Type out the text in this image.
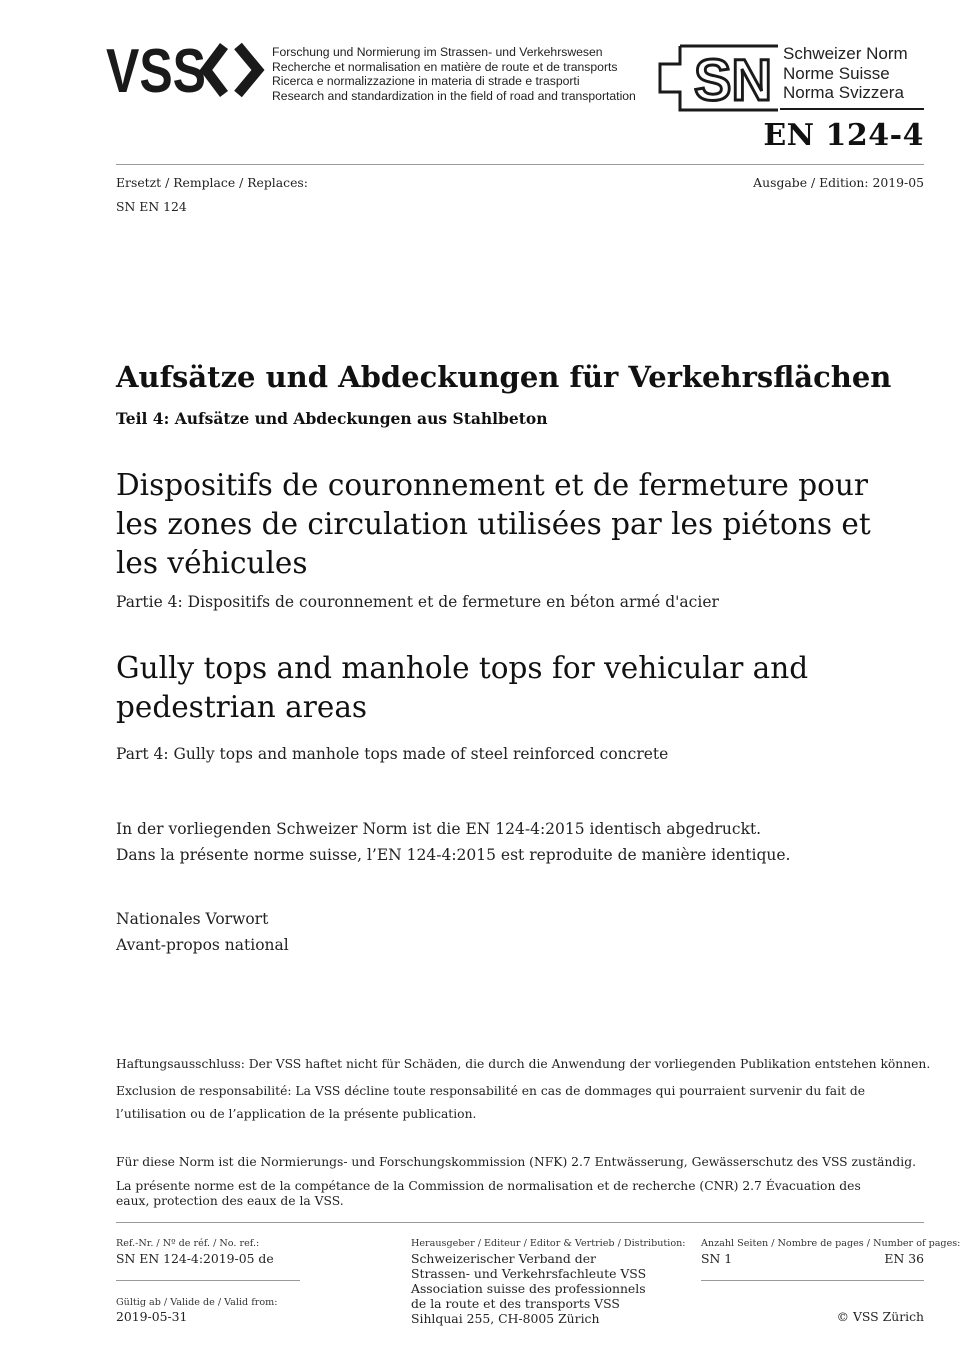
VSS	Forschung und Normierung im Strassen- und Verkehrswesen
Recherche et normalisation en matière de route et de transports
Ricerca e normalizzazione in materia di strade e trasporti
Research and standardization in the field of road and transportation SN Schweizer Norm
Norme Suisse
Norma Svizzera
EN 124-4
Ersetzt / Remplace / Replaces:
SN EN 124
Ausgabe / Edition: 2019-05
Aufsätze und Abdeckungen für Verkehrsflächen
Teil 4: Aufsätze und Abdeckungen aus Stahlbeton
Dispositifs de couronnement et de fermeture pour les zones de circulation utilisées par les piétons et les véhicules
Partie 4: Dispositifs de couronnement et de fermeture en béton armé d'acier
Gully tops and manhole tops for vehicular and pedestrian areas
Part 4: Gully tops and manhole tops made of steel reinforced concrete
In der vorliegenden Schweizer Norm ist die EN 124-4:2015 identisch abgedruckt.
Dans la présente norme suisse, l’EN 124-4:2015 est reproduite de manière identique.
Nationales Vorwort
Avant-propos national
Haftungsausschluss: Der VSS haftet nicht für Schäden, die durch die Anwendung der vorliegenden Publikation entstehen können.
Exclusion de responsabilité: La VSS décline toute responsabilité en cas de dommages qui pourraient survenir du fait de l’utilisation ou de l’application de la présente publication.
Für diese Norm ist die Normierungs- und Forschungskommission (NFK) 2.7 Entwässerung, Gewässerschutz des VSS zuständig.
La présente norme est de la compétance de la Commission de normalisation et de recherche (CNR) 2.7 Évacuation des eaux, protection des eaux de la VSS.
Ref.-Nr. / Nº de réf. / No. ref.:
SN EN 124-4:2019-05 de
Gültig ab / Valide de / Valid from:
2019-05-31
Herausgeber / Editeur / Editor & Vertrieb / Distribution:
Schweizerischer Verband der
Strassen- und Verkehrsfachleute VSS
Association suisse des professionnels
de la route et des transports VSS
Sihlquai 255, CH-8005 Zürich
Anzahl Seiten / Nombre de pages / Number of pages:
SN 1	EN 36
© VSS Zürich
